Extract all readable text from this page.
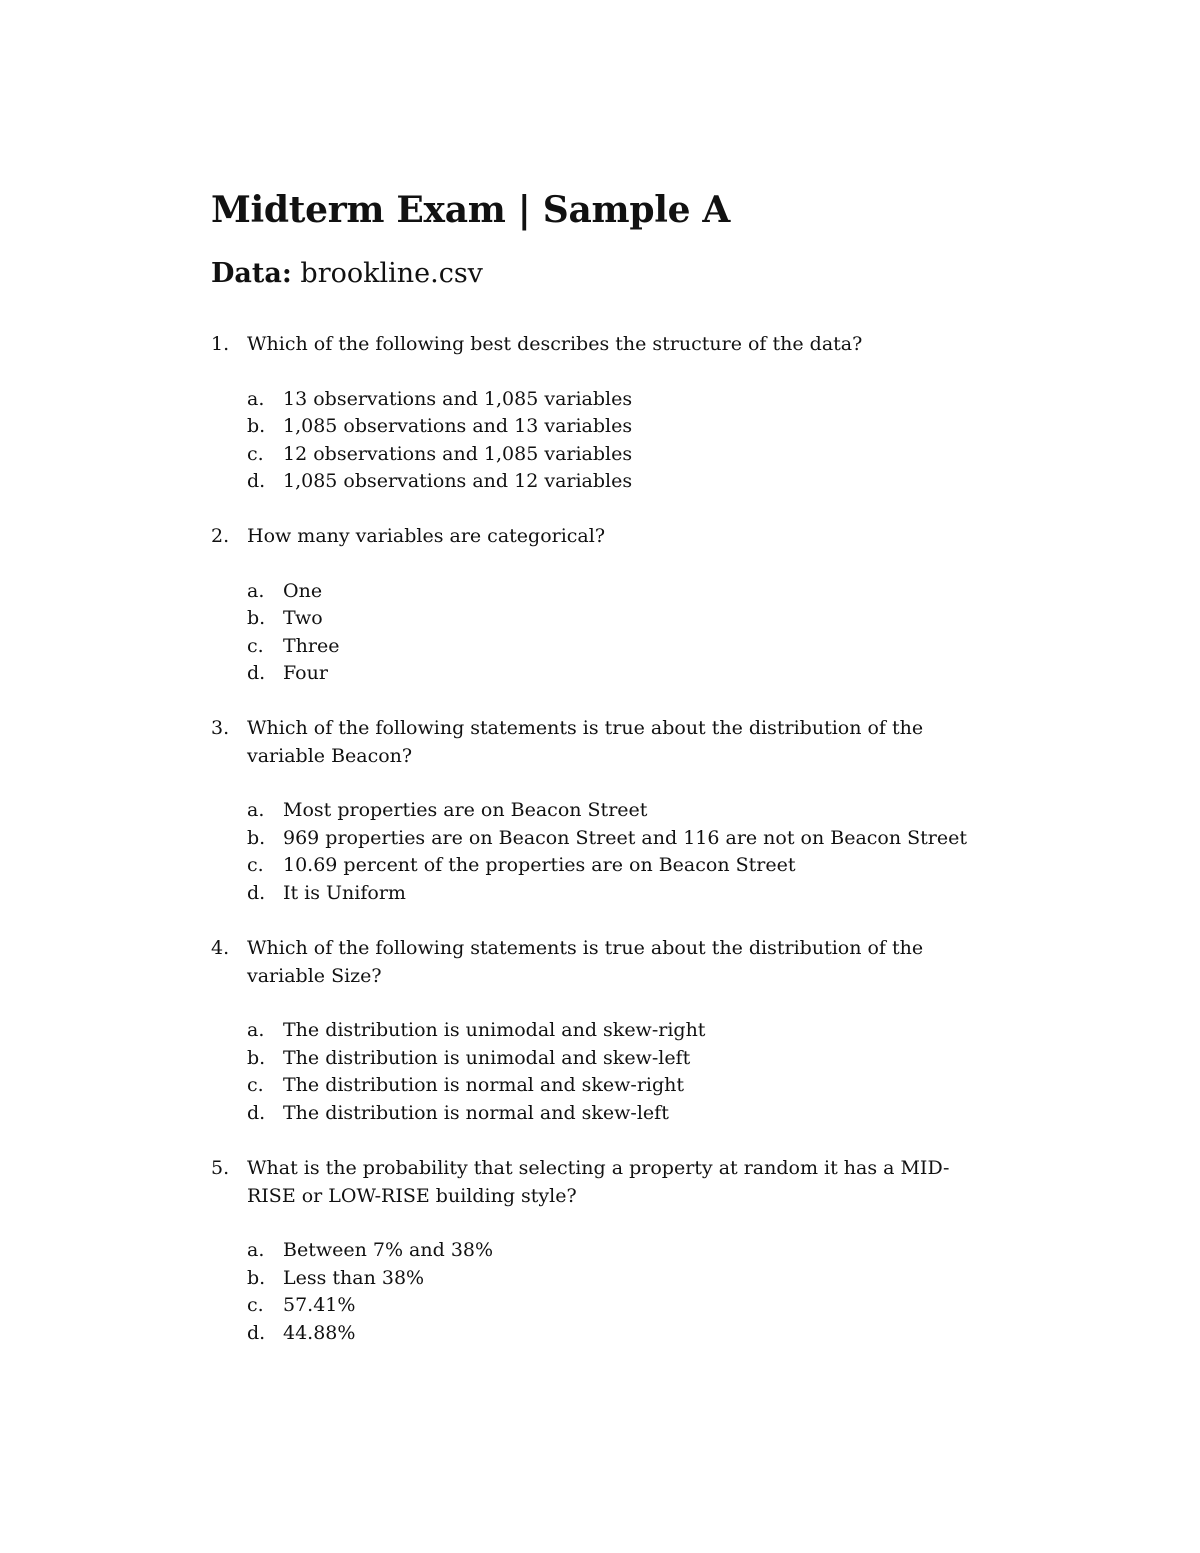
Midterm Exam | Sample A

Data: brookline.csv

1. Which of the following best describes the structure of the data?
a. 13 observations and 1,085 variables
b. 1,085 observations and 13 variables
c.	12 observations and 1,085 variables
d. 1,085 observations and 12 variables
2. How many variables are categorical?
a. One
b. Two
c.	Three
d. Four
3. Which of the following statements is true about the distribution of the variable Beacon?
a. Most properties are on Beacon Street
b. 969 properties are on Beacon Street and 116 are not on Beacon Street
c.	10.69 percent of the properties are on Beacon Street
d. It is Uniform
4. Which of the following statements is true about the distribution of the variable Size?
a. The distribution is unimodal and skew-right
b. The distribution is unimodal and skew-left
c.	The distribution is normal and skew-right
d. The distribution is normal and skew-left
5. What is the probability that selecting a property at random it has a MID-RISE or LOW-RISE building style?
a. Between 7% and 38%
b. Less than 38%
c.	57.41%
d. 44.88%
